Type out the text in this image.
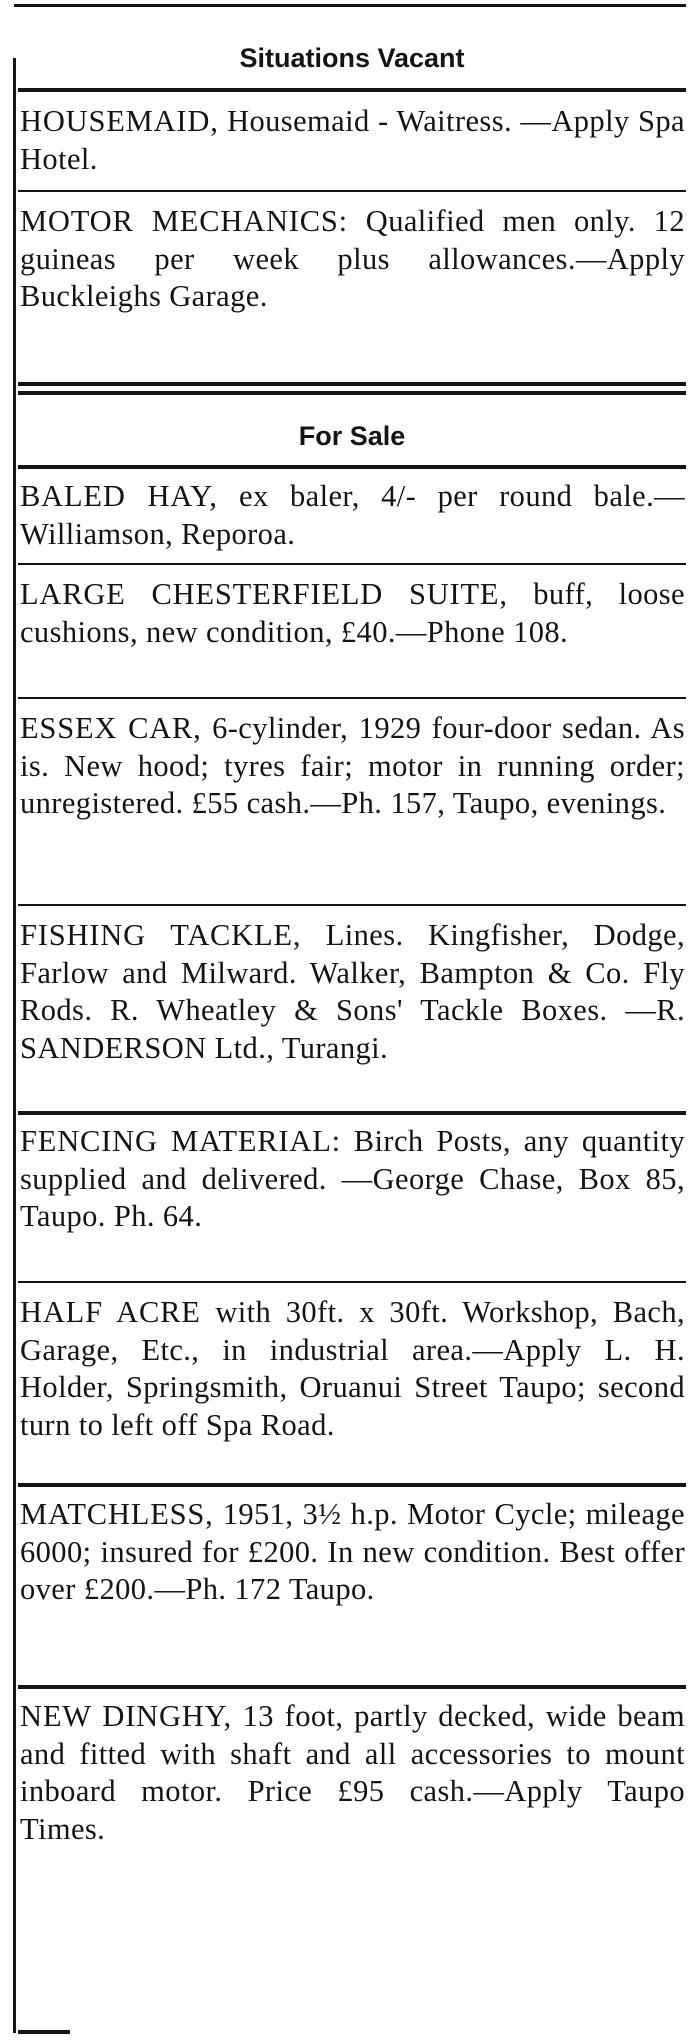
Situations Vacant

HOUSEMAID, Housemaid - Waitress. —Apply Spa Hotel.

MOTOR MECHANICS: Qualified men only. 12 guineas per week plus allowances.—Apply Buckleighs Garage.

For Sale

BALED HAY, ex baler, 4/- per round bale.—Williamson, Reporoa.

LARGE CHESTERFIELD SUITE, buff, loose cushions, new condition, £40.—Phone 108.

ESSEX CAR, 6-cylinder, 1929 four-door sedan. As is. New hood; tyres fair; motor in running order; unregistered. £55 cash.—Ph. 157, Taupo, evenings.

FISHING TACKLE, Lines. Kingfisher, Dodge, Farlow and Milward. Walker, Bampton & Co. Fly Rods. R. Wheatley & Sons' Tackle Boxes. —R. SANDERSON Ltd., Turangi.

FENCING MATERIAL: Birch Posts, any quantity supplied and delivered. —George Chase, Box 85, Taupo. Ph. 64.

HALF ACRE with 30ft. x 30ft. Workshop, Bach, Garage, Etc., in industrial area.—Apply L. H. Holder, Springsmith, Oruanui Street Taupo; second turn to left off Spa Road.

MATCHLESS, 1951, 3½ h.p. Motor Cycle; mileage 6000; insured for £200. In new condition. Best offer over £200.—Ph. 172 Taupo.

NEW DINGHY, 13 foot, partly decked, wide beam and fitted with shaft and all accessories to mount inboard motor. Price £95 cash.—Apply Taupo Times.
